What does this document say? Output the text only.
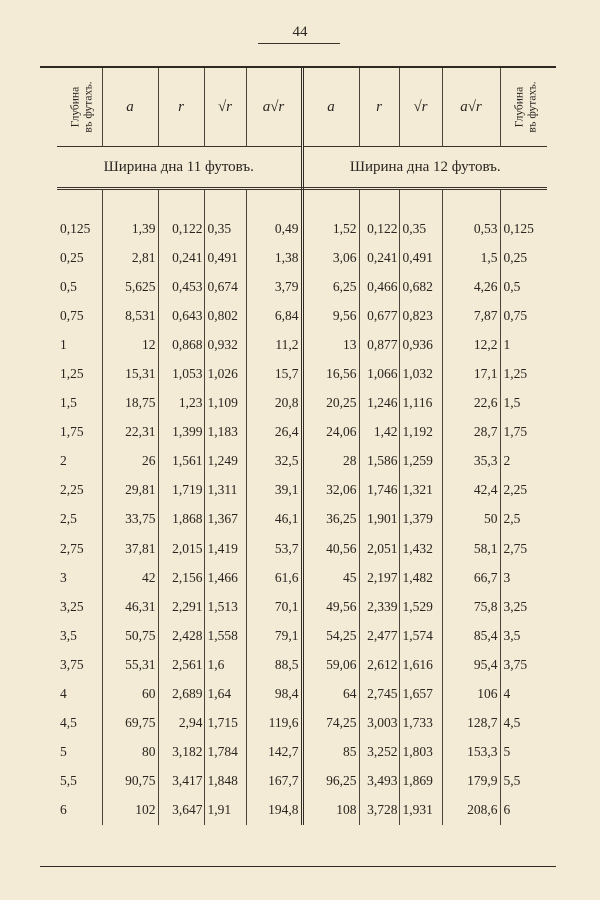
44
Глубина въ футахъ.	a	r	√r	a√r	a	r	√r	a√r	Глубина въ футахъ.

Ширина дна 11 футовъ.					Ширина дна 12 футовъ.				

0,125	1,39	0,122	0,35	0,49	1,52	0,122	0,35	0,53	0,125
0,25	2,81	0,241	0,491	1,38	3,06	0,241	0,491	1,5	0,25
0,5	5,625	0,453	0,674	3,79	6,25	0,466	0,682	4,26	0,5
0,75	8,531	0,643	0,802	6,84	9,56	0,677	0,823	7,87	0,75
1	12	0,868	0,932	11,2	13	0,877	0,936	12,2	1
1,25	15,31	1,053	1,026	15,7	16,56	1,066	1,032	17,1	1,25
1,5	18,75	1,23	1,109	20,8	20,25	1,246	1,116	22,6	1,5
1,75	22,31	1,399	1,183	26,4	24,06	1,42	1,192	28,7	1,75
2	26	1,561	1,249	32,5	28	1,586	1,259	35,3	2
2,25	29,81	1,719	1,311	39,1	32,06	1,746	1,321	42,4	2,25
2,5	33,75	1,868	1,367	46,1	36,25	1,901	1,379	50	2,5
2,75	37,81	2,015	1,419	53,7	40,56	2,051	1,432	58,1	2,75
3	42	2,156	1,466	61,6	45	2,197	1,482	66,7	3
3,25	46,31	2,291	1,513	70,1	49,56	2,339	1,529	75,8	3,25
3,5	50,75	2,428	1,558	79,1	54,25	2,477	1,574	85,4	3,5
3,75	55,31	2,561	1,6	88,5	59,06	2,612	1,616	95,4	3,75
4	60	2,689	1,64	98,4	64	2,745	1,657	106	4
4,5	69,75	2,94	1,715	119,6	74,25	3,003	1,733	128,7	4,5
5	80	3,182	1,784	142,7	85	3,252	1,803	153,3	5
5,5	90,75	3,417	1,848	167,7	96,25	3,493	1,869	179,9	5,5
6	102	3,647	1,91	194,8	108	3,728	1,931	208,6	6
